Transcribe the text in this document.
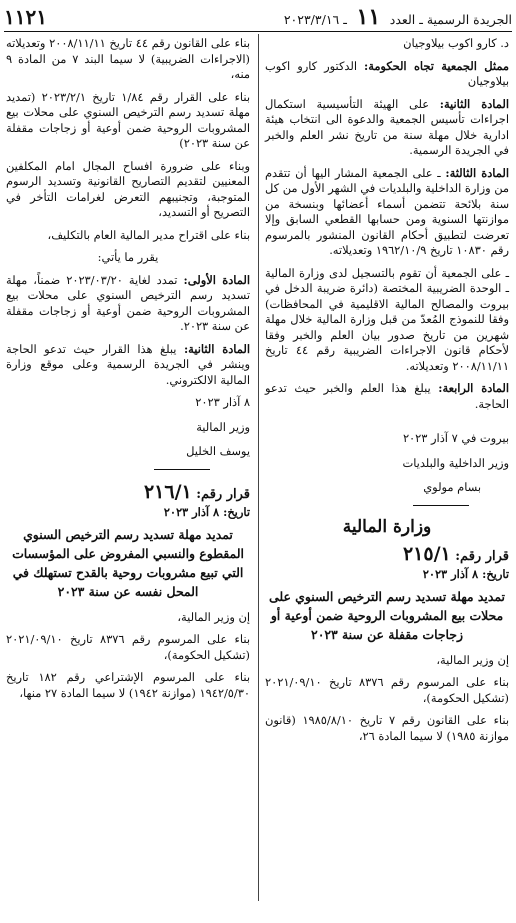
الجريدة الرسمية ـ العدد ١١ ـ ٢٠٢٣/٣/١٦
١١٢١

د. كارو اكوب بيلاوجيان

ممثل الجمعية تجاه الحكومة: الدكتور كارو اكوب بيلاوجيان

المادة الثانية: على الهيئة التأسيسية استكمال اجراءات تأسيس الجمعية والدعوة الى انتخاب هيئة ادارية خلال مهلة سنة من تاريخ نشر العلم والخبر في الجريدة الرسمية.

المادة الثالثة: ـ على الجمعية المشار اليها أن تتقدم من وزارة الداخلية والبلديات في الشهر الأول من كل سنة بلائحة تتضمن أسماء أعضائها وبنسخة من موازنتها السنوية ومن حسابها القطعي السابق وإلا تعرضت لتطبيق أحكام القانون المنشور بالمرسوم رقم ١٠٨٣٠ تاريخ ١٩٦٢/١٠/٩ وتعديلاته.

ـ على الجمعية أن تقوم بالتسجيل لدى وزارة المالية ـ الوحدة الضريبية المختصة (دائرة ضريبة الدخل في بيروت والمصالح المالية الاقليمية في المحافظات) وفقا للنموذج المُعدّ من قبل وزارة المالية خلال مهلة شهرين من تاريخ صدور بيان العلم والخبر وفقا لأحكام قانون الاجراءات الضريبية رقم ٤٤ تاريخ ٢٠٠٨/١١/١١ وتعديلاته.

المادة الرابعة: يبلغ هذا العلم والخبر حيث تدعو الحاجة.

بيروت في ٧ آذار ٢٠٢٣

وزير الداخلية والبلديات

بسام مولوي

وزارة المالية

قرار رقم: ٢١٥/١

تاريخ: ٨ آذار ٢٠٢٣

تمديد مهلة تسديد رسم الترخيص السنوي على محلات بيع المشروبات الروحية ضمن أوعية أو زجاجات مقفلة عن سنة ٢٠٢٣

إن وزير المالية،

بناء على المرسوم رقم ٨٣٧٦ تاريخ ٢٠٢١/٠٩/١٠ (تشكيل الحكومة)،

بناء على القانون رقم ٧ تاريخ ١٩٨٥/٨/١٠ (قانون موازنة ١٩٨٥) لا سيما المادة ٢٦،

بناء على القانون رقم ٤٤ تاريخ ٢٠٠٨/١١/١١ وتعديلاته (الاجراءات الضريبية) لا سيما البند ٧ من المادة ٩ منه،

بناء على القرار رقم ١/٨٤ تاريخ ٢٠٢٣/٢/١ (تمديد مهلة تسديد رسم الترخيص السنوي على محلات بيع المشروبات الروحية ضمن أوعية أو زجاجات مقفلة عن سنة ٢٠٢٣)

وبناء على ضرورة افساح المجال امام المكلفين المعنيين لتقديم التصاريح القانونية وتسديد الرسوم المتوجبة، وتجنيبهم التعرض لغرامات التأخر في التصريح أو التسديد،

بناء على اقتراح مدير المالية العام بالتكليف،

يقرر ما يأتي:

المادة الأولى: تمدد لغاية ٢٠٢٣/٠٣/٢٠ ضمناً، مهلة تسديد رسم الترخيص السنوي على محلات بيع المشروبات الروحية ضمن أوعية أو زجاجات مقفلة عن سنة ٢٠٢٣.

المادة الثانية: يبلغ هذا القرار حيث تدعو الحاجة وينشر في الجريدة الرسمية وعلى موقع وزارة المالية الالكتروني.

٨ آذار ٢٠٢٣

وزير المالية

يوسف الخليل

قرار رقم: ٢١٦/١

تاريخ: ٨ آذار ٢٠٢٣

تمديد مهلة تسديد رسم الترخيص السنوي المقطوع والنسبي المفروض على المؤسسات التي تبيع مشروبات روحية بالقدح تستهلك في المحل نفسه عن سنة ٢٠٢٣

إن وزير المالية،

بناء على المرسوم رقم ٨٣٧٦ تاريخ ٢٠٢١/٠٩/١٠ (تشكيل الحكومة)،

بناء على المرسوم الإشتراعي رقم ١٨٢ تاريخ ١٩٤٢/٥/٣٠ (موازنة ١٩٤٢) لا سيما المادة ٢٧ منها،
